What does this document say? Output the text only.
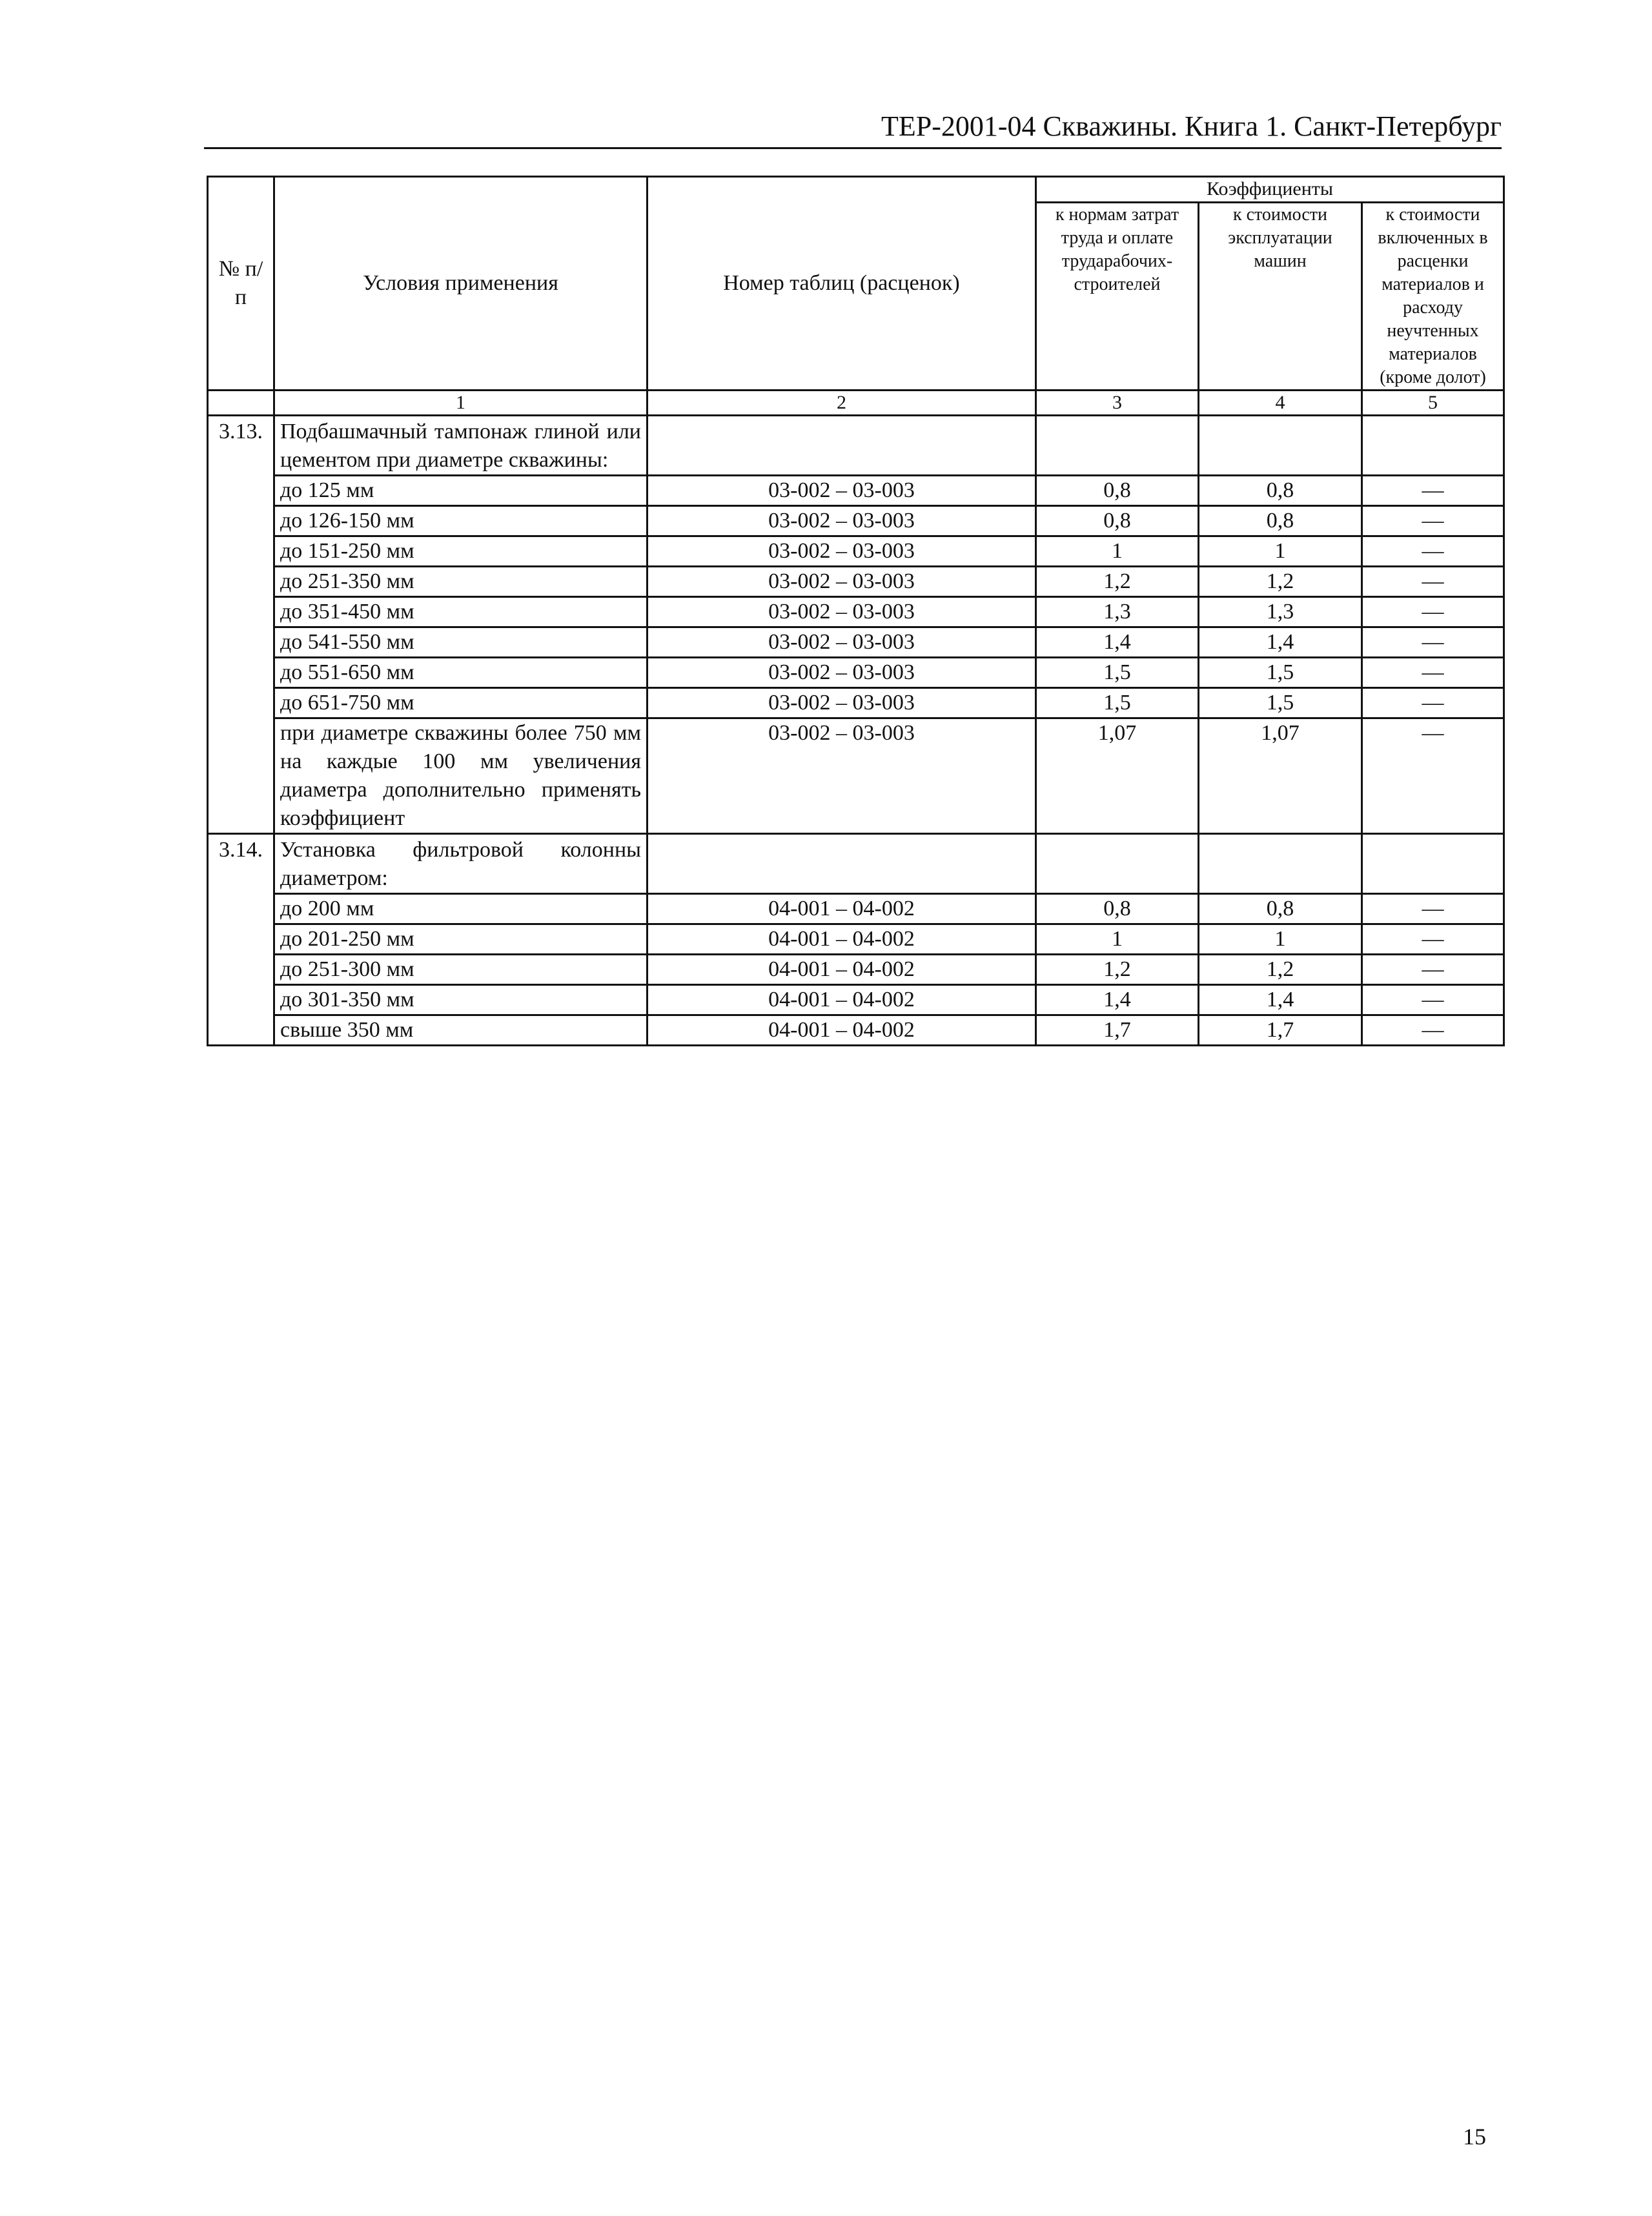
ТЕР-2001-04 Скважины. Книга 1. Санкт-Петербург
№ п/п	Условия применения	Номер таблиц (расценок)	Коэффициенты		
			к нормам затрат труда и оплате трударабочих-строителей	к стоимости эксплуатации машин	к стоимости включенных в расценки материалов и расходу неучтенных материалов (кроме долот)
	1	2	3	4	5
3.13.	Подбашмачный тампонаж глиной или цементом при диаметре скважины:				
	до 125 мм	03-002 – 03-003	0,8	0,8	—
	до 126-150 мм	03-002 – 03-003	0,8	0,8	—
	до 151-250 мм	03-002 – 03-003	1	1	—
	до 251-350 мм	03-002 – 03-003	1,2	1,2	—
	до 351-450 мм	03-002 – 03-003	1,3	1,3	—
	до 541-550 мм	03-002 – 03-003	1,4	1,4	—
	до 551-650 мм	03-002 – 03-003	1,5	1,5	—
	до 651-750 мм	03-002 – 03-003	1,5	1,5	—
	при диаметре скважины более 750 мм на каждые 100 мм увеличения диаметра дополнительно применять коэффициент	03-002 – 03-003	1,07	1,07	—
3.14.	Установка фильтровой колонны диаметром:				
	до 200 мм	04-001 – 04-002	0,8	0,8	—
	до 201-250 мм	04-001 – 04-002	1	1	—
	до 251-300 мм	04-001 – 04-002	1,2	1,2	—
	до 301-350 мм	04-001 – 04-002	1,4	1,4	—
	свыше 350 мм	04-001 – 04-002	1,7	1,7	—
15
